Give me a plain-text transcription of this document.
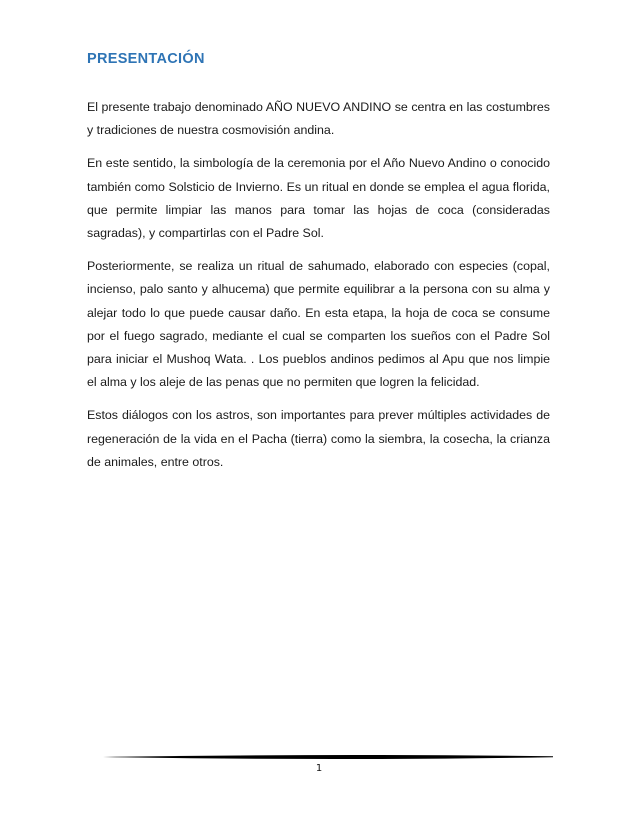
PRESENTACIÓN

El presente trabajo denominado AÑO NUEVO ANDINO se centra en las costumbres y tradiciones de nuestra cosmovisión andina.

En este sentido, la simbología de la ceremonia por el Año Nuevo Andino o conocido también como Solsticio de Invierno. Es un ritual en donde se emplea el agua florida, que permite limpiar las manos para tomar las hojas de coca (consideradas sagradas), y compartirlas con el Padre Sol.

Posteriormente, se realiza un ritual de sahumado, elaborado con especies (copal, incienso, palo santo y alhucema) que permite equilibrar a la persona con su alma y alejar todo lo que puede causar daño. En esta etapa, la hoja de coca se consume por el fuego sagrado, mediante el cual se comparten los sueños con el Padre Sol para iniciar el Mushoq Wata. . Los pueblos andinos pedimos al Apu que nos limpie el alma y los aleje de las penas que no permiten que logren la felicidad.

Estos diálogos con los astros, son importantes para prever múltiples actividades de regeneración de la vida en el Pacha (tierra) como la siembra, la cosecha, la crianza de animales, entre otros.

1
